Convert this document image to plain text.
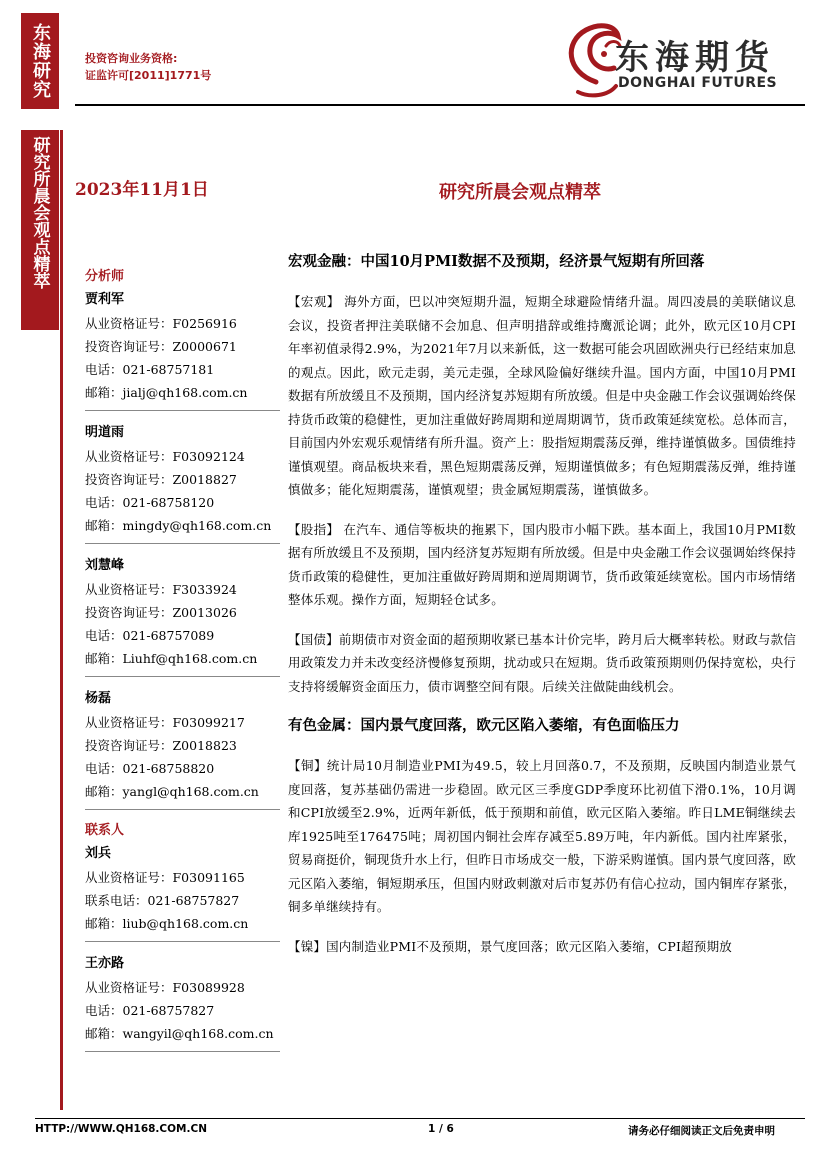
东海研究	投资咨询业务资格:
证监许可[2011]1771号	东海期货
DONGHAI FUTURES
研究所晨会观点精萃	2023年11月1日	研究所晨会观点精萃
分析师
贾利军
从业资格证号：F0256916
投资咨询证号：Z0000671
电话：021-68757181
邮箱：jialj@qh168.com.cn
明道雨
从业资格证号：F03092124
投资咨询证号：Z0018827
电话：021-68758120
邮箱：mingdy@qh168.com.cn
刘慧峰
从业资格证号：F3033924
投资咨询证号：Z0013026
电话：021-68757089
邮箱：Liuhf@qh168.com.cn
杨磊
从业资格证号：F03099217
投资咨询证号：Z0018823
电话：021-68758820
邮箱：yangl@qh168.com.cn
联系人
刘兵
从业资格证号：F03091165
联系电话：021-68757827
邮箱：liub@qh168.com.cn
王亦路
从业资格证号：F03089928
电话：021-68757827
邮箱：wangyil@qh168.com.cn
宏观金融：中国10月PMI数据不及预期，经济景气短期有所回落

【宏观】 海外方面，巴以冲突短期升温，短期全球避险情绪升温。周四凌晨的美联储议息会议，投资者押注美联储不会加息、但声明措辞或维持鹰派论调；此外，欧元区10月CPI年率初值录得2.9%，为2021年7月以来新低，这一数据可能会巩固欧洲央行已经结束加息的观点。因此，欧元走弱，美元走强，全球风险偏好继续升温。国内方面，中国10月PMI数据有所放缓且不及预期，国内经济复苏短期有所放缓。但是中央金融工作会议强调始终保持货币政策的稳健性，更加注重做好跨周期和逆周期调节，货币政策延续宽松。总体而言，目前国内外宏观乐观情绪有所升温。资产上：股指短期震荡反弹，维持谨慎做多。国债维持谨慎观望。商品板块来看，黑色短期震荡反弹，短期谨慎做多；有色短期震荡反弹，维持谨慎做多；能化短期震荡，谨慎观望；贵金属短期震荡，谨慎做多。

【股指】 在汽车、通信等板块的拖累下，国内股市小幅下跌。基本面上，我国10月PMI数据有所放缓且不及预期，国内经济复苏短期有所放缓。但是中央金融工作会议强调始终保持货币政策的稳健性，更加注重做好跨周期和逆周期调节，货币政策延续宽松。国内市场情绪整体乐观。操作方面，短期轻仓试多。

【国债】前期债市对资金面的超预期收紧已基本计价完毕，跨月后大概率转松。财政与款信用政策发力并未改变经济慢修复预期，扰动或只在短期。货币政策预期则仍保持宽松，央行支持将缓解资金面压力，债市调整空间有限。后续关注做陡曲线机会。

有色金属：国内景气度回落，欧元区陷入萎缩，有色面临压力

【铜】统计局10月制造业PMI为49.5，较上月回落0.7，不及预期，反映国内制造业景气度回落，复苏基础仍需进一步稳固。欧元区三季度GDP季度环比初值下滑0.1%，10月调和CPI放缓至2.9%，近两年新低，低于预期和前值，欧元区陷入萎缩。昨日LME铜继续去库1925吨至176475吨；周初国内铜社会库存减至5.89万吨，年内新低。国内社库紧张，贸易商挺价，铜现货升水上行，但昨日市场成交一般，下游采购谨慎。国内景气度回落，欧元区陷入萎缩，铜短期承压，但国内财政刺激对后市复苏仍有信心拉动，国内铜库存紧张，铜多单继续持有。

【镍】国内制造业PMI不及预期，景气度回落；欧元区陷入萎缩，CPI超预期放

HTTP://WWW.QH168.COM.CN	1 / 6	请务必仔细阅读正文后免责申明
